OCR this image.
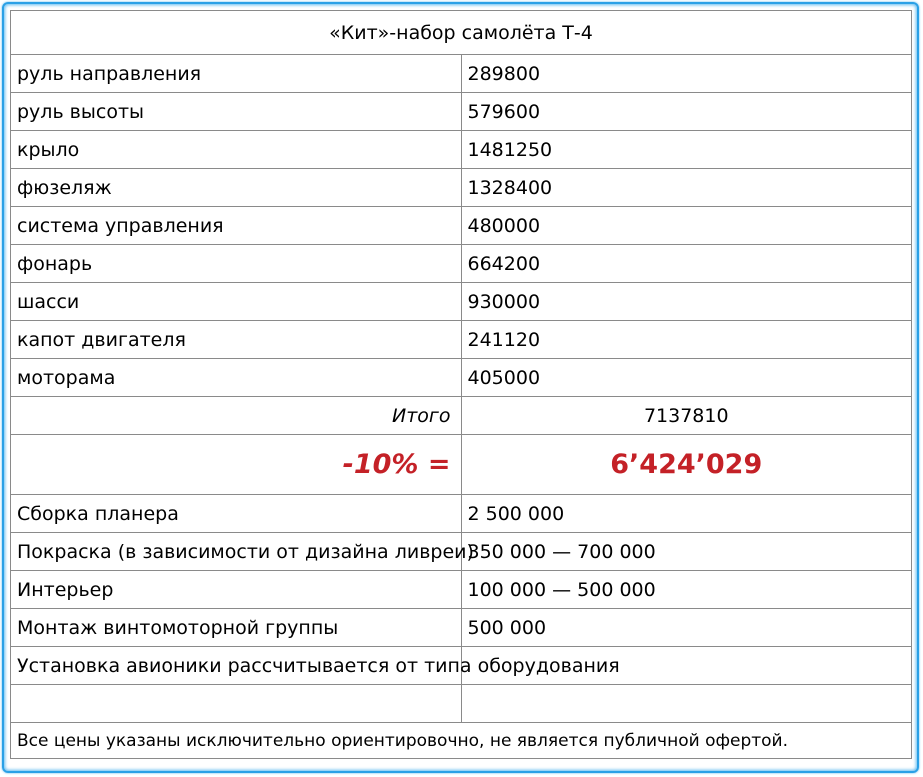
«Кит»-набор самолёта Т-4	
руль направления	289800
руль высоты	579600
крыло	1481250
фюзеляж	1328400
система управления	480000
фонарь	664200
шасси	930000
капот двигателя	241120
моторама	405000
Итого	7137810
-10% =	6’424’029
Сборка планера	2 500 000
Покраска (в зависимости от дизайна ливреи)	350 000 — 700 000
Интерьер	100 000 — 500 000
Монтаж винтомоторной группы	500 000
Установка авионики рассчитывается от типа оборудования	

Все цены указаны исключительно ориентировочно, не является публичной офертой.	
